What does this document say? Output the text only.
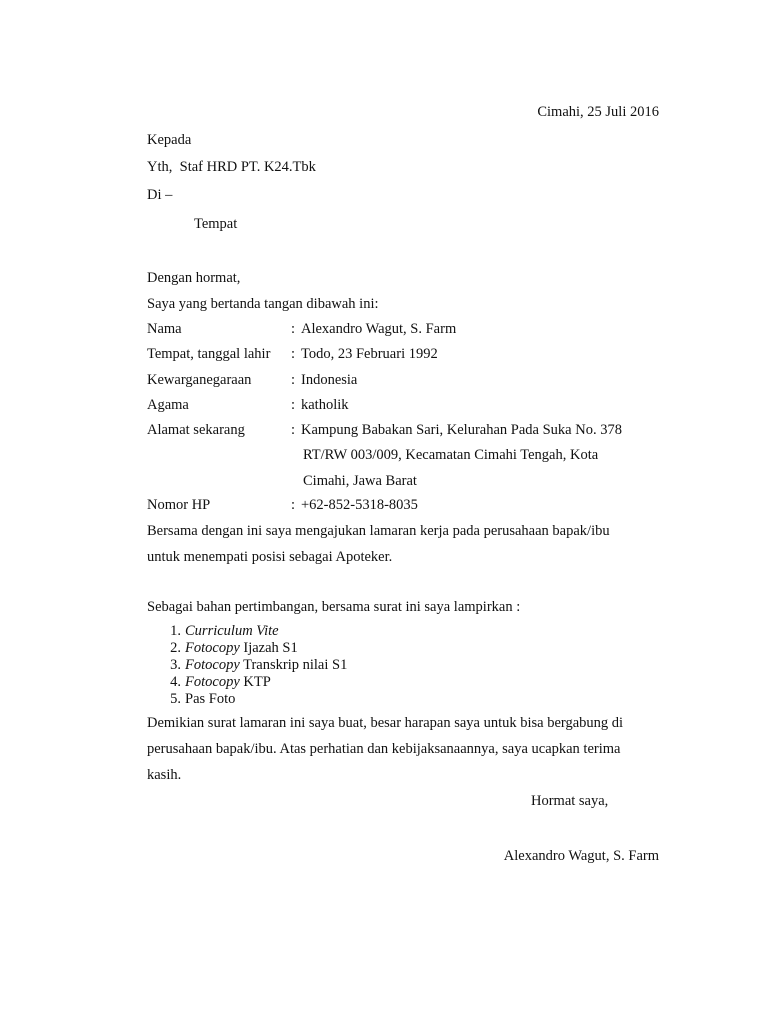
Cimahi, 25 Juli 2016
Kepada
Yth,  Staf HRD PT. K24.Tbk
Di –
Tempat
Dengan hormat,
Saya yang bertanda tangan dibawah ini:
Nama	: Alexandro Wagut, S. Farm
Tempat, tanggal lahir : Todo, 23 Februari 1992
Kewarganegaraan	: Indonesia
Agama	: katholik
Alamat sekarang	: Kampung Babakan Sari, Kelurahan Pada Suka No. 378
RT/RW 003/009, Kecamatan Cimahi Tengah, Kota
Cimahi, Jawa Barat
Nomor HP	: +62-852-5318-8035
Bersama dengan ini saya mengajukan lamaran kerja pada perusahaan bapak/ibu
untuk menempati posisi sebagai Apoteker.
Sebagai bahan pertimbangan, bersama surat ini saya lampirkan :
1. Curriculum Vite
2. Fotocopy Ijazah S1
3. Fotocopy Transkrip nilai S1
4. Fotocopy KTP
5. Pas Foto
Demikian surat lamaran ini saya buat, besar harapan saya untuk bisa bergabung di
perusahaan bapak/ibu. Atas perhatian dan kebijaksanaannya, saya ucapkan terima
kasih.
Hormat saya,
Alexandro Wagut, S. Farm
